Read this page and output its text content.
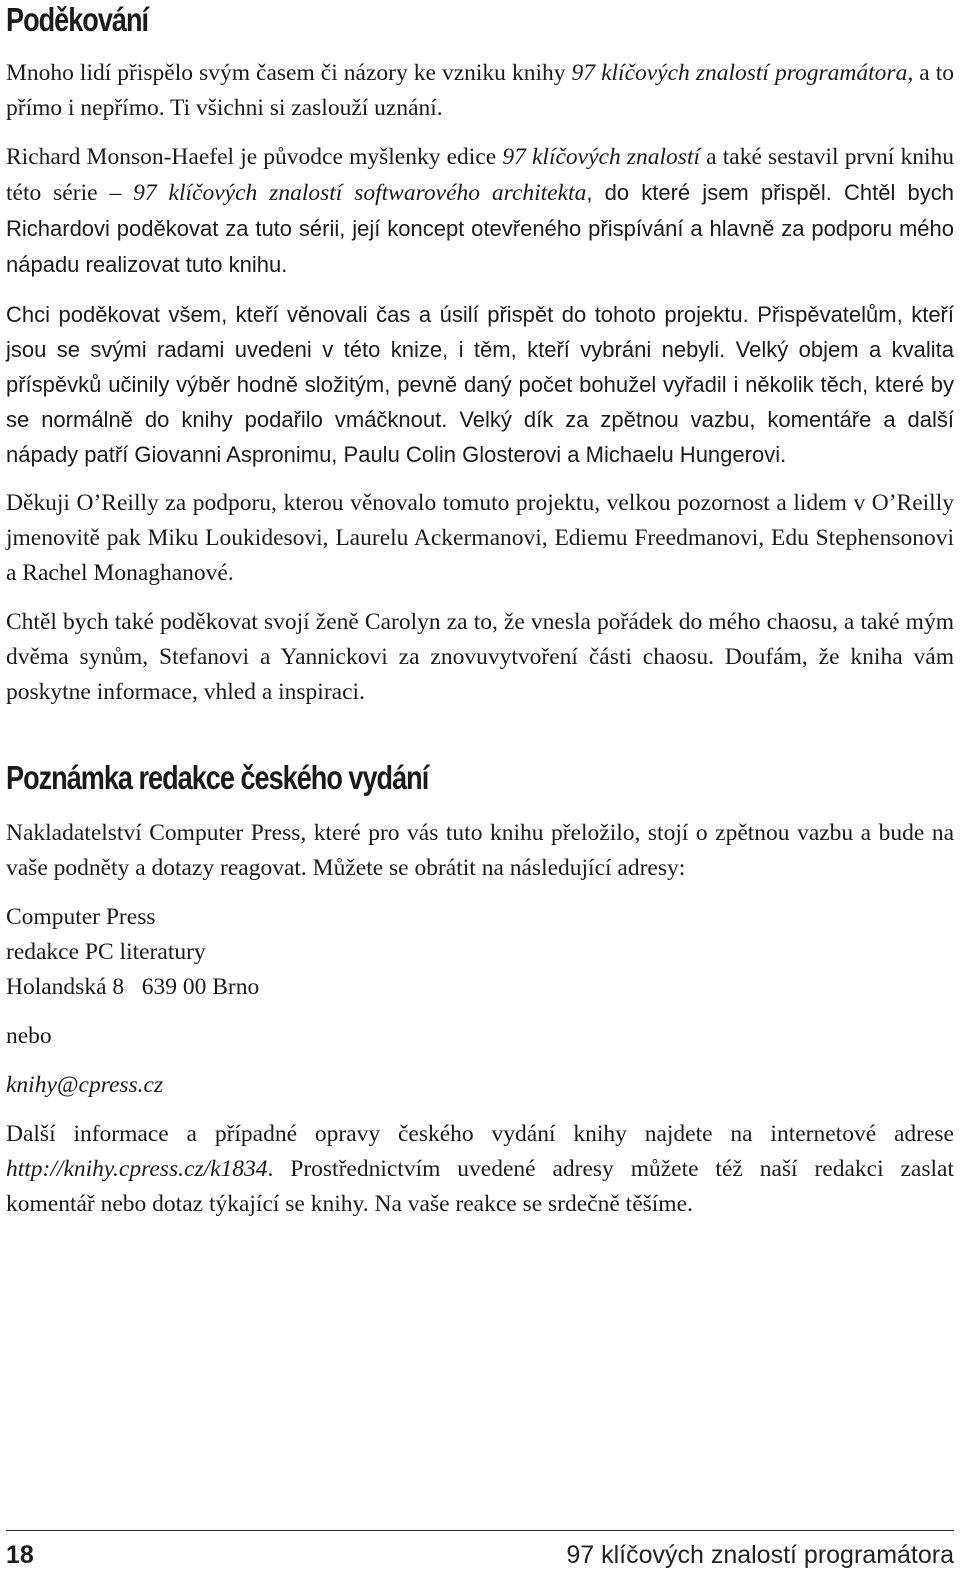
Poděkování

Mnoho lidí přispělo svým časem či názory ke vzniku knihy 97 klíčových znalostí programátora, a to přímo i nepřímo. Ti všichni si zaslouží uznání.

Richard Monson-Haefel je původce myšlenky edice 97 klíčových znalostí a také sestavil první knihu této série – 97 klíčových znalostí softwarového architekta, do které jsem přispěl. Chtěl bych Richardovi poděkovat za tuto sérii, její koncept otevřeného přispívání a hlavně za podporu mého nápadu realizovat tuto knihu.

Chci poděkovat všem, kteří věnovali čas a úsilí přispět do tohoto projektu. Přispěvatelům, kteří jsou se svými radami uvedeni v této knize, i těm, kteří vybráni nebyli. Velký objem a kvalita příspěvků učinily výběr hodně složitým, pevně daný počet bohužel vyřadil i několik těch, které by se normálně do knihy podařilo vmáčknout. Velký dík za zpětnou vazbu, komentáře a další nápady patří Giovanni Aspronimu, Paulu Colin Glosterovi a Michaelu Hungerovi.

Děkuji O’Reilly za podporu, kterou věnovalo tomuto projektu, velkou pozornost a lidem v O’Reilly jmenovitě pak Miku Loukidesovi, Laurelu Ackermanovi, Ediemu Freedmanovi, Edu Stephensonovi a Rachel Monaghanové.

Chtěl bych také poděkovat svojí ženě Carolyn za to, že vnesla pořádek do mého chaosu, a také mým dvěma synům, Stefanovi a Yannickovi za znovuvytvoření části chaosu. Doufám, že kniha vám poskytne informace, vhled a inspiraci.

Poznámka redakce českého vydání

Nakladatelství Computer Press, které pro vás tuto knihu přeložilo, stojí o zpětnou vazbu a bude na vaše podněty a dotazy reagovat. Můžete se obrátit na následující adresy:

Computer Press
redakce PC literatury
Holandská 8   639 00 Brno
nebo
knihy@cpress.cz

Další informace a případné opravy českého vydání knihy najdete na internetové adrese http://knihy.cpress.cz/k1834. Prostřednictvím uvedené adresy můžete též naší redakci zaslat komentář nebo dotaz týkající se knihy. Na vaše reakce se srdečně těšíme.

18	97 klíčových znalostí programátora
